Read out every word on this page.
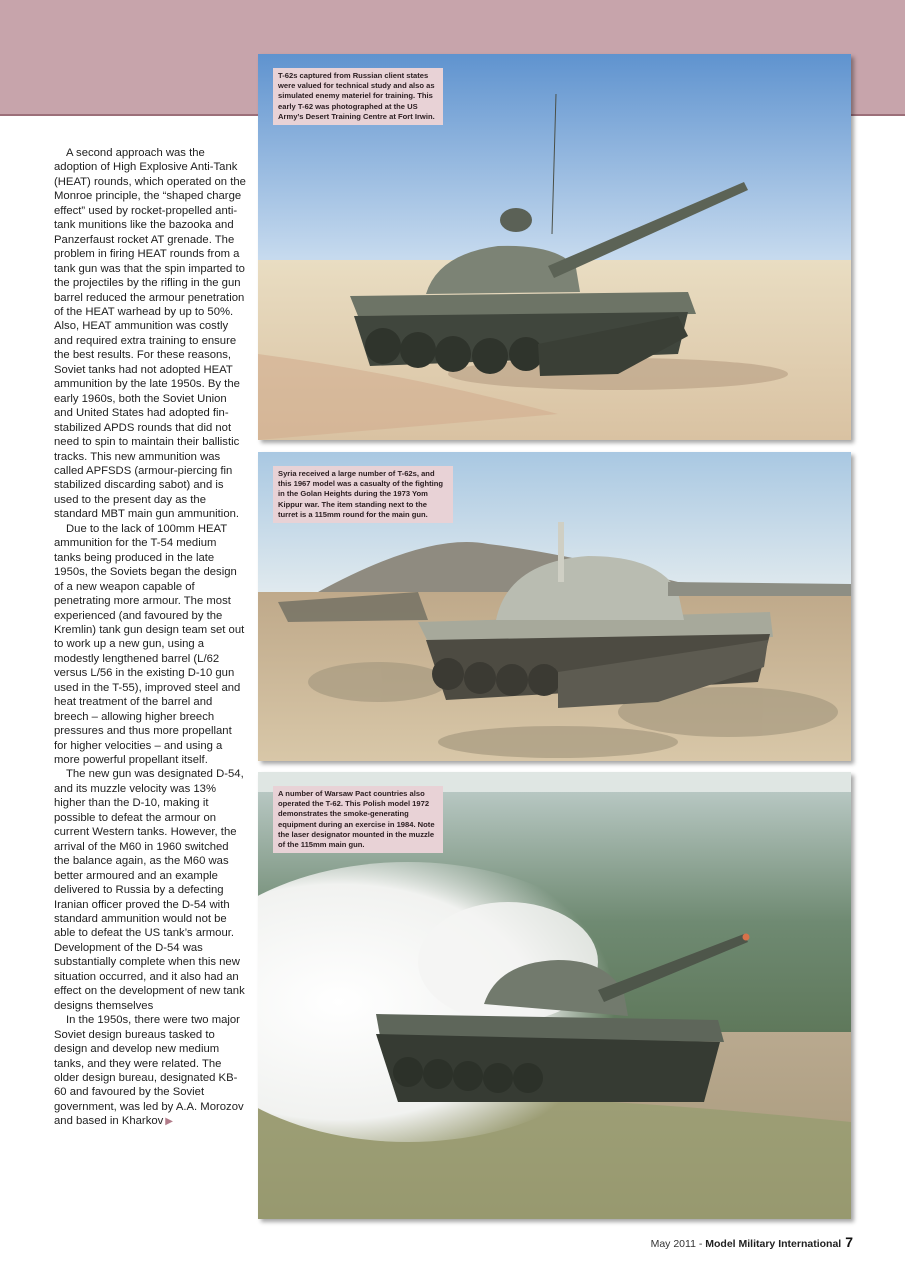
A second approach was the adoption of High Explosive Anti-Tank (HEAT) rounds, which operated on the Monroe principle, the “shaped charge effect” used by rocket-propelled anti-tank munitions like the bazooka and Panzerfaust rocket AT grenade. The problem in firing HEAT rounds from a tank gun was that the spin imparted to the projectiles by the rifling in the gun barrel reduced the armour penetration of the HEAT warhead by up to 50%. Also, HEAT ammunition was costly and required extra training to ensure the best results. For these reasons, Soviet tanks had not adopted HEAT ammunition by the late 1950s. By the early 1960s, both the Soviet Union and United States had adopted fin-stabilized APDS rounds that did not need to spin to maintain their ballistic tracks. This new ammunition was called APFSDS (armour-piercing fin stabilized discarding sabot) and is used to the present day as the standard MBT main gun ammunition.

Due to the lack of 100mm HEAT ammunition for the T-54 medium tanks being produced in the late 1950s, the Soviets began the design of a new weapon capable of penetrating more armour. The most experienced (and favoured by the Kremlin) tank gun design team set out to work up a new gun, using a modestly lengthened barrel (L/62 versus L/56 in the existing D-10 gun used in the T-55), improved steel and heat treatment of the barrel and breech – allowing higher breech pressures and thus more propellant for higher velocities – and using a more powerful propellant itself.

The new gun was designated D-54, and its muzzle velocity was 13% higher than the D-10, making it possible to defeat the armour on current Western tanks. However, the arrival of the M60 in 1960 switched the balance again, as the M60 was better armoured and an example delivered to Russia by a defecting Iranian officer proved the D-54 with standard ammunition would not be able to defeat the US tank’s armour. Development of the D-54 was substantially complete when this new situation occurred, and it also had an effect on the development of new tank designs themselves

In the 1950s, there were two major Soviet design bureaus tasked to design and develop new medium tanks, and they were related. The older design bureau, designated KB-60 and favoured by the Soviet government, was led by A.A. Morozov and based in Kharkov ▶

T-62s captured from Russian client states were valued for technical study and also as simulated enemy materiel for training. This early T-62 was photographed at the US Army’s Desert Training Centre at Fort Irwin.
Syria received a large number of T-62s, and this 1967 model was a casualty of the fighting in the Golan Heights during the 1973 Yom Kippur war. The item standing next to the turret is a 115mm round for the main gun.
A number of Warsaw Pact countries also operated the T-62. This Polish model 1972 demonstrates the smoke-generating equipment during an exercise in 1984. Note the laser designator mounted in the muzzle of the 115mm main gun.
May 2011 - Model Military International 7
